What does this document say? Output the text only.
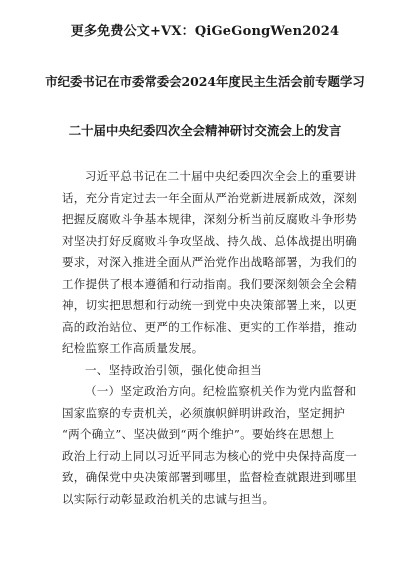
更多免费公文+VX：QiGeGongWen2024
市纪委书记在市委常委会2024年度民主生活会前专题学习
二十届中央纪委四次全会精神研讨交流会上的发言
习近平总书记在二十届中央纪委四次全会上的重要讲
话，充分肯定过去一年全面从严治党新进展新成效，深刻
把握反腐败斗争基本规律，深刻分析当前反腐败斗争形势
对坚决打好反腐败斗争攻坚战、持久战、总体战提出明确
要求，对深入推进全面从严治党作出战略部署，为我们的
工作提供了根本遵循和行动指南。我们要深刻领会全会精
神，切实把思想和行动统一到党中央决策部署上来，以更
高的政治站位、更严的工作标准、更实的工作举措，推动
纪检监察工作高质量发展。
一、坚持政治引领，强化使命担当
（一）坚定政治方向。纪检监察机关作为党内监督和
国家监察的专责机关，必须旗帜鲜明讲政治，坚定拥护
“两个确立”、坚决做到“两个维护”。要始终在思想上
政治上行动上同以习近平同志为核心的党中央保持高度一
致，确保党中央决策部署到哪里，监督检查就跟进到哪里
以实际行动彰显政治机关的忠诚与担当。
